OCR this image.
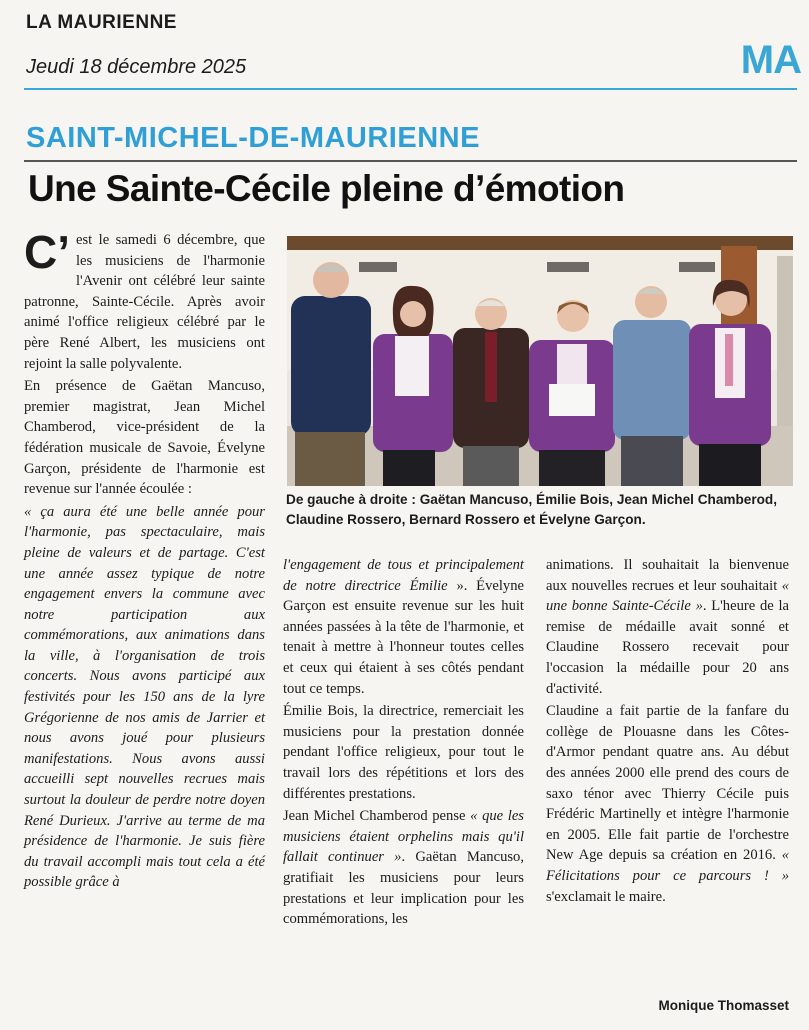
LA MAURIENNE
Jeudi 18 décembre 2025	MA
SAINT-MICHEL-DE-MAURIENNE
Une Sainte-Cécile pleine d’émotion

C’ est le samedi 6 décembre, que les musiciens de l'harmonie l'Avenir ont célébré leur sainte patronne, Sainte-Cécile. Après avoir animé l'office religieux célébré par le père René Albert, les musiciens ont rejoint la salle polyvalente.

En présence de Gaëtan Mancuso, premier magistrat, Jean Michel Chamberod, vice-président de la fédération musicale de Savoie, Évelyne Garçon, présidente de l'harmonie est revenue sur l'année écoulée :

« ça aura été une belle année pour l'harmonie, pas spectaculaire, mais pleine de valeurs et de partage. C'est une année assez typique de notre engagement envers la commune avec notre participation aux commémorations, aux animations dans la ville, à l'organisation de trois concerts. Nous avons participé aux festivités pour les 150 ans de la lyre Grégorienne de nos amis de Jarrier et nous avons joué pour plusieurs manifestations. Nous avons aussi accueilli sept nouvelles recrues mais surtout la douleur de perdre notre doyen René Durieux. J'arrive au terme de ma présidence de l'harmonie. Je suis fière du travail accompli mais tout cela a été possible grâce à

De gauche à droite : Gaëtan Mancuso, Émilie Bois, Jean Michel Chamberod, Claudine Rossero, Bernard Rossero et Évelyne Garçon.

l'engagement de tous et principalement de notre directrice Émilie ». Évelyne Garçon est ensuite revenue sur les huit années passées à la tête de l'harmonie, et tenait à mettre à l'honneur toutes celles et ceux qui étaient à ses côtés pendant tout ce temps.

Émilie Bois, la directrice, remerciait les musiciens pour la prestation donnée pendant l'office religieux, pour tout le travail lors des répétitions et lors des différentes prestations.

Jean Michel Chamberod pense « que les musiciens étaient orphelins mais qu'il fallait continuer ». Gaëtan Mancuso, gratifiait les musiciens pour leurs prestations et leur implication pour les commémorations, les

animations. Il souhaitait la bienvenue aux nouvelles recrues et leur souhaitait « une bonne Sainte-Cécile ». L'heure de la remise de médaille avait sonné et Claudine Rossero recevait pour l'occasion la médaille pour 20 ans d'activité.

Claudine a fait partie de la fanfare du collège de Plouasne dans les Côtes-d'Armor pendant quatre ans. Au début des années 2000 elle prend des cours de saxo ténor avec Thierry Cécile puis Frédéric Martinelly et intègre l'harmonie en 2005. Elle fait partie de l'orchestre New Age depuis sa création en 2016. « Félicitations pour ce parcours ! » s'exclamait le maire.

Monique Thomasset
